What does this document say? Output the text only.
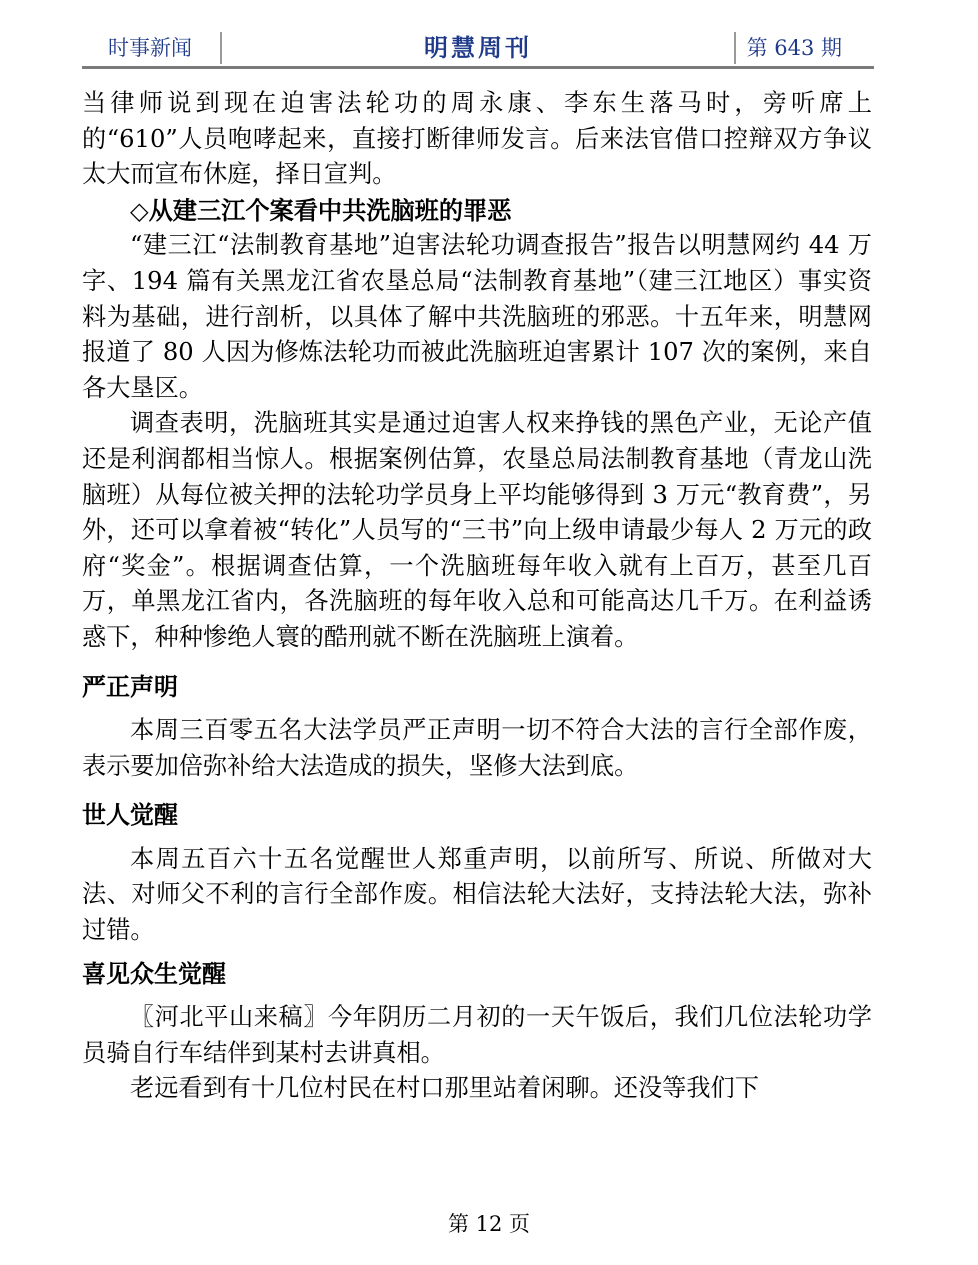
时事新闻	明慧周刊	第 643 期

当律师说到现在迫害法轮功的周永康、李东生落马时，旁听席上的“610”人员咆哮起来，直接打断律师发言。后来法官借口控辩双方争议太大而宣布休庭，择日宣判。

◇从建三江个案看中共洗脑班的罪恶

“建三江“法制教育基地”迫害法轮功调查报告”报告以明慧网约 44 万字、194 篇有关黑龙江省农垦总局“法制教育基地”（建三江地区）事实资料为基础，进行剖析，以具体了解中共洗脑班的邪恶。十五年来，明慧网报道了 80 人因为修炼法轮功而被此洗脑班迫害累计 107 次的案例，来自各大垦区。

调查表明，洗脑班其实是通过迫害人权来挣钱的黑色产业，无论产值还是利润都相当惊人。根据案例估算，农垦总局法制教育基地（青龙山洗脑班）从每位被关押的法轮功学员身上平均能够得到 3 万元“教育费”，另外，还可以拿着被“转化”人员写的“三书”向上级申请最少每人 2 万元的政府“奖金”。根据调查估算，一个洗脑班每年收入就有上百万，甚至几百万，单黑龙江省内，各洗脑班的每年收入总和可能高达几千万。在利益诱惑下，种种惨绝人寰的酷刑就不断在洗脑班上演着。

严正声明

本周三百零五名大法学员严正声明一切不符合大法的言行全部作废，表示要加倍弥补给大法造成的损失，坚修大法到底。

世人觉醒

本周五百六十五名觉醒世人郑重声明，以前所写、所说、所做对大法、对师父不利的言行全部作废。相信法轮大法好，支持法轮大法，弥补过错。

喜见众生觉醒

〖河北平山来稿〗今年阴历二月初的一天午饭后，我们几位法轮功学员骑自行车结伴到某村去讲真相。

老远看到有十几位村民在村口那里站着闲聊。还没等我们下

第 12 页
